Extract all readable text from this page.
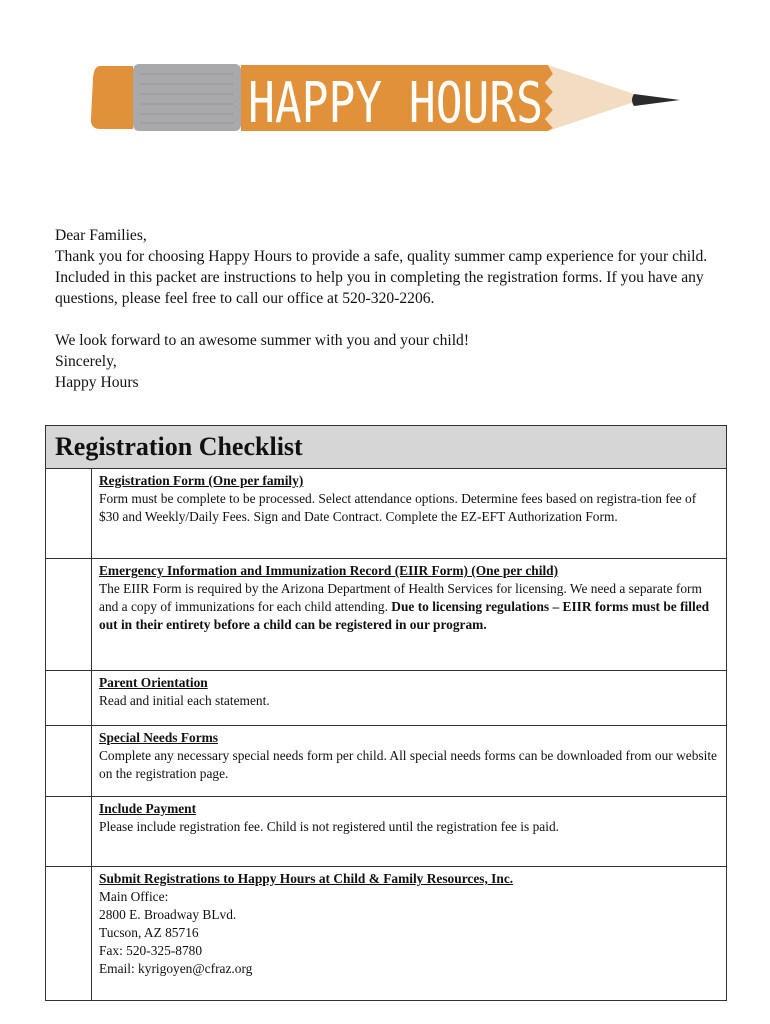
HAPPY HOURS

Dear Families,

Thank you for choosing Happy Hours to provide a safe, quality summer camp experience for your child.

Included in this packet are instructions to help you in completing the registration forms. If you have any questions, please feel free to call our office at 520-320-2206.

We look forward to an awesome summer with you and your child!

Sincerely,

Happy Hours

Registration Checklist
Registration Form (One per family)
Form must be complete to be processed. Select attendance options. Determine fees based on registra-tion fee of $30 and Weekly/Daily Fees. Sign and Date Contract. Complete the EZ-EFT Authorization Form.
Emergency Information and Immunization Record (EIIR Form) (One per child)
The EIIR Form is required by the Arizona Department of Health Services for licensing. We need a separate form and a copy of immunizations for each child attending. Due to licensing regulations – EIIR forms must be filled out in their entirety before a child can be registered in our program.
Parent Orientation
Read and initial each statement.
Special Needs Forms
Complete any necessary special needs form per child. All special needs forms can be downloaded from our website on the registration page.
Include Payment
Please include registration fee. Child is not registered until the registration fee is paid.
Submit Registrations to Happy Hours at Child & Family Resources, Inc.
Main Office:
2800 E. Broadway BLvd.
Tucson, AZ 85716
Fax: 520-325-8780
Email: kyrigoyen@cfraz.org
